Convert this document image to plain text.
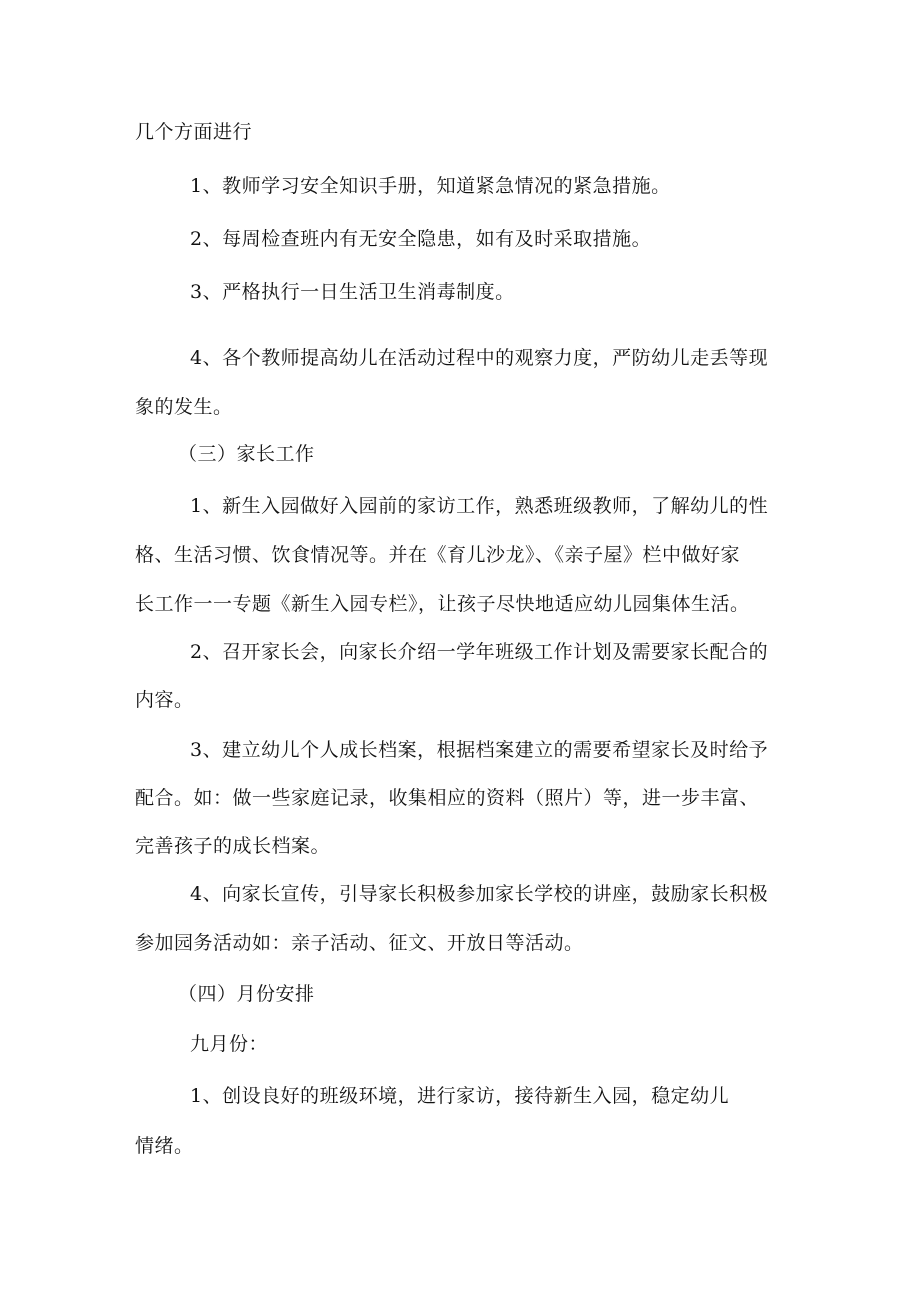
几个方面进行
1、教师学习安全知识手册，知道紧急情况的紧急措施。
2、每周检查班内有无安全隐患，如有及时采取措施。
3、严格执行一日生活卫生消毒制度。
4、各个教师提高幼儿在活动过程中的观察力度，严防幼儿走丢等现
象的发生。
（三）家长工作
1、新生入园做好入园前的家访工作，熟悉班级教师，了解幼儿的性
格、生活习惯、饮食情况等。并在《育儿沙龙》、《亲子屋》栏中做好家
长工作一一专题《新生入园专栏》，让孩子尽快地适应幼儿园集体生活。
2、召开家长会，向家长介绍一学年班级工作计划及需要家长配合的
内容。
3、建立幼儿个人成长档案，根据档案建立的需要希望家长及时给予
配合。如：做一些家庭记录，收集相应的资料（照片）等，进一步丰富、
完善孩子的成长档案。
4、向家长宣传，引导家长积极参加家长学校的讲座，鼓励家长积极
参加园务活动如：亲子活动、征文、开放日等活动。
（四）月份安排
九月份：
1、创设良好的班级环境，进行家访，接待新生入园，稳定幼儿
情绪。
